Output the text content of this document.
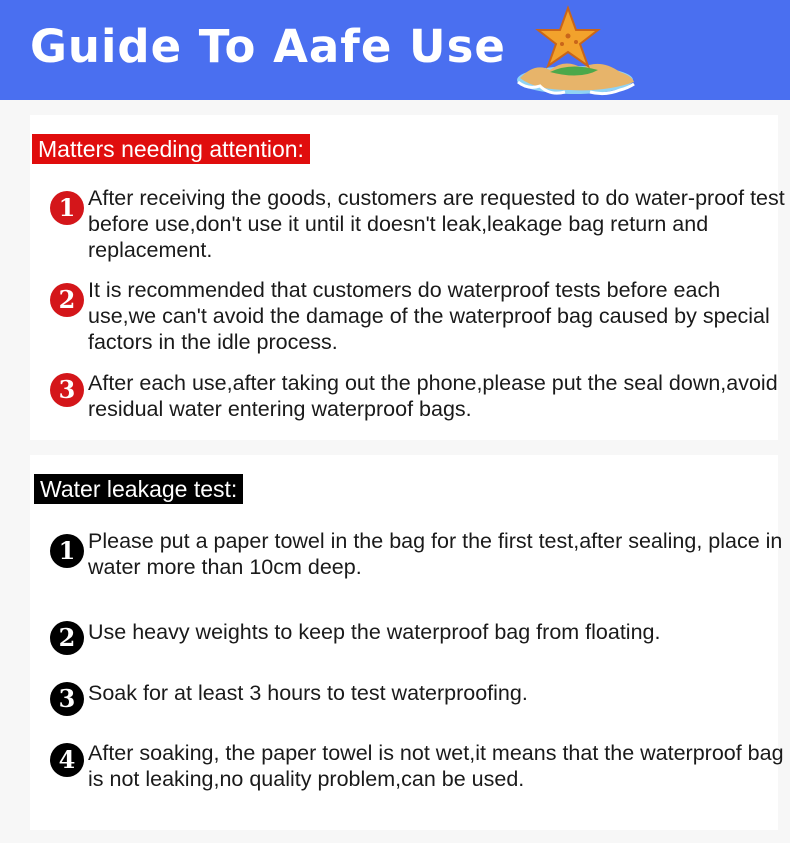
Guide To Aafe Use
Matters needing attention:
1 After receiving the goods, customers are requested to do water-proof test before use,don't use it until it doesn't leak,leakage bag return and replacement.
2 It is recommended that customers do waterproof tests before each use,we can't avoid the damage of the waterproof bag caused by special factors in the idle process.
3 After each use,after taking out the phone,please put the seal down,avoid residual water entering waterproof bags.
Water leakage test:
1 Please put a paper towel in the bag for the first test,after sealing, place in water more than 10cm deep.
2 Use heavy weights to keep the waterproof bag from floating.
3 Soak for at least 3 hours to test waterproofing.
4 After soaking, the paper towel is not wet,it means that the waterproof bag is not leaking,no quality problem,can be used.
